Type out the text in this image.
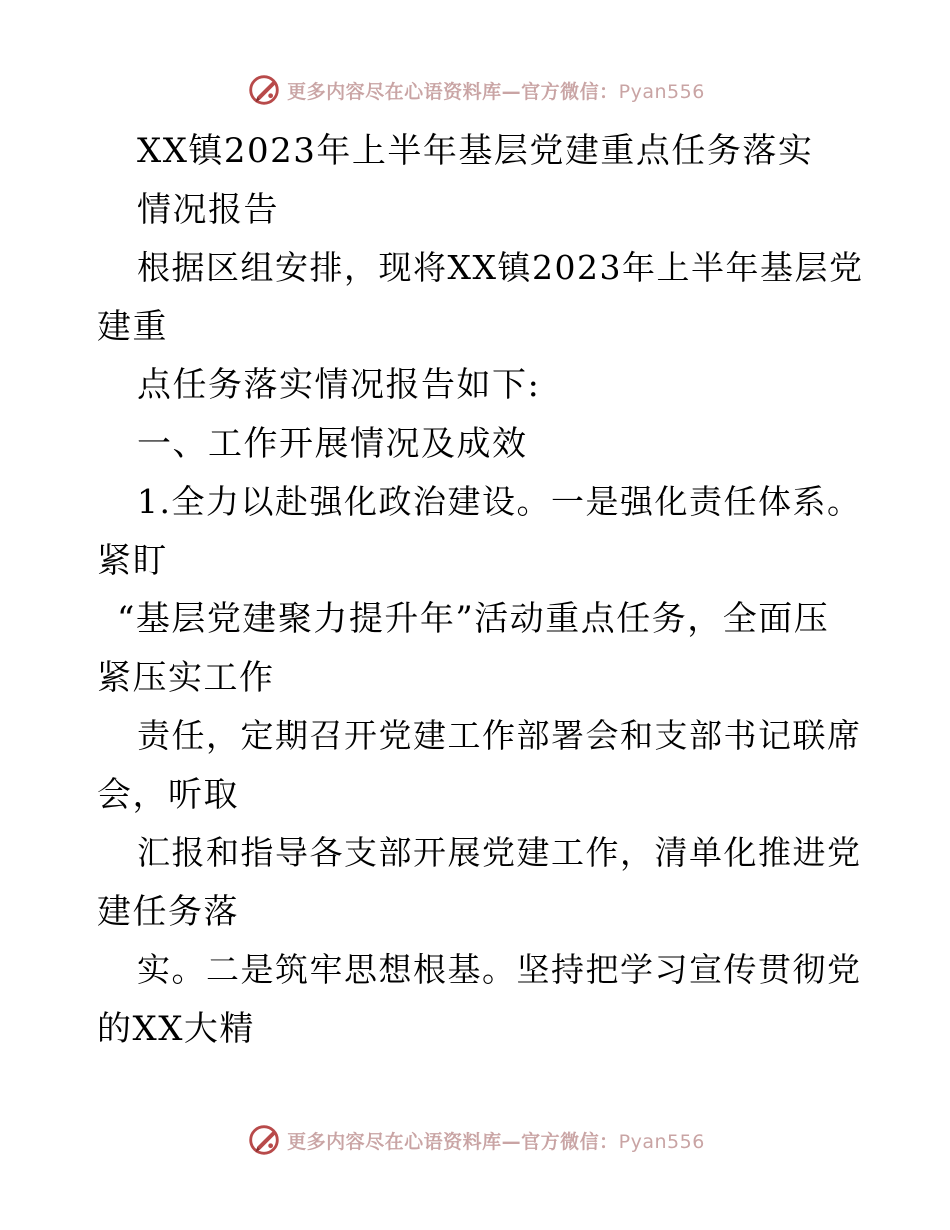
更多内容尽在心语资料库—官方微信：Pyan556
XX镇2023年上半年基层党建重点任务落实
情况报告
根据区组安排，现将XX镇2023年上半年基层党
建重
点任务落实情况报告如下:
一、工作开展情况及成效
1.全力以赴强化政治建设。一是强化责任体系。
紧盯
“基层党建聚力提升年”活动重点任务，全面压
紧压实工作
责任，定期召开党建工作部署会和支部书记联席
会，听取
汇报和指导各支部开展党建工作，清单化推进党
建任务落
实。二是筑牢思想根基。坚持把学习宣传贯彻党
的XX大精
更多内容尽在心语资料库—官方微信：Pyan556
